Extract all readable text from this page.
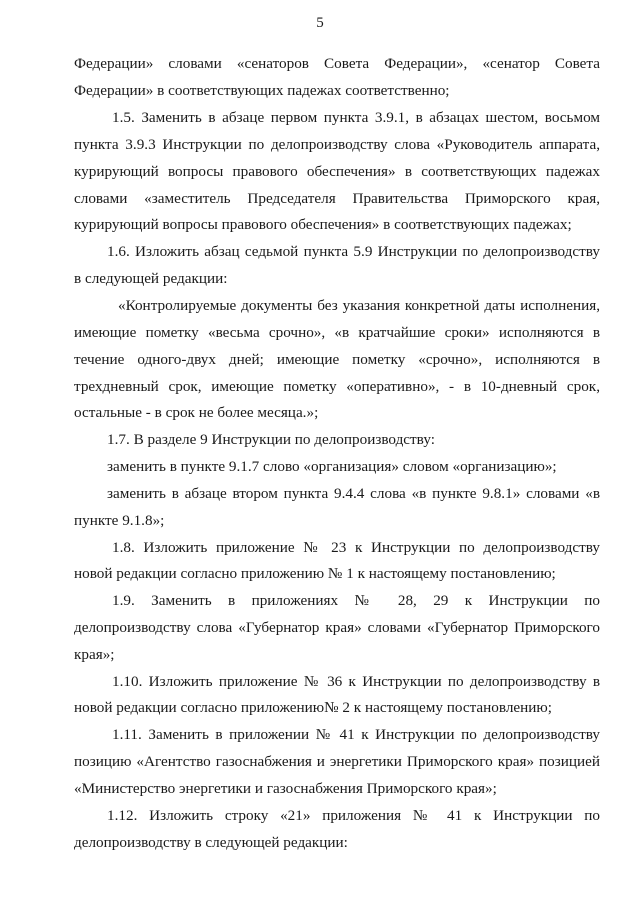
5
Федерации» словами «сенаторов Совета Федерации», «сенатор Совета
Федерации» в соответствующих падежах соответственно;
1.5. Заменить в абзаце первом пункта 3.9.1, в абзацах шестом, восьмом
пункта 3.9.3 Инструкции по делопроизводству слова «Руководитель аппарата,
курирующий вопросы правового обеспечения» в соответствующих падежах
словами «заместитель Председателя Правительства Приморского края,
курирующий вопросы правового обеспечения» в соответствующих падежах;
1.6. Изложить абзац седьмой пункта 5.9 Инструкции по делопроизводству
в следующей редакции:
«Контролируемые документы без указания конкретной даты исполнения,
имеющие пометку «весьма срочно», «в кратчайшие сроки» исполняются в
течение одного-двух дней; имеющие пометку «срочно», исполняются в
трехдневный срок, имеющие пометку «оперативно», - в 10-дневный срок,
остальные - в срок не более месяца.»;
1.7. В разделе 9 Инструкции по делопроизводству:
заменить в пункте 9.1.7 слово «организация» словом «организацию»;
заменить в абзаце втором пункта 9.4.4 слова «в пункте 9.8.1» словами «в
пункте 9.1.8»;
1.8. Изложить приложение № 23 к Инструкции по делопроизводству
новой редакции согласно приложению № 1 к настоящему постановлению;
1.9. Заменить в приложениях № 28, 29 к Инструкции по
делопроизводству слова «Губернатор края» словами «Губернатор Приморского
края»;
1.10. Изложить приложение № 36 к Инструкции по делопроизводству в
новой редакции согласно приложению№ 2 к настоящему постановлению;
1.11. Заменить в приложении № 41 к Инструкции по делопроизводству
позицию «Агентство газоснабжения и энергетики Приморского края» позицией
«Министерство энергетики и газоснабжения Приморского края»;
1.12. Изложить строку «21» приложения № 41 к Инструкции по
делопроизводству в следующей редакции:
